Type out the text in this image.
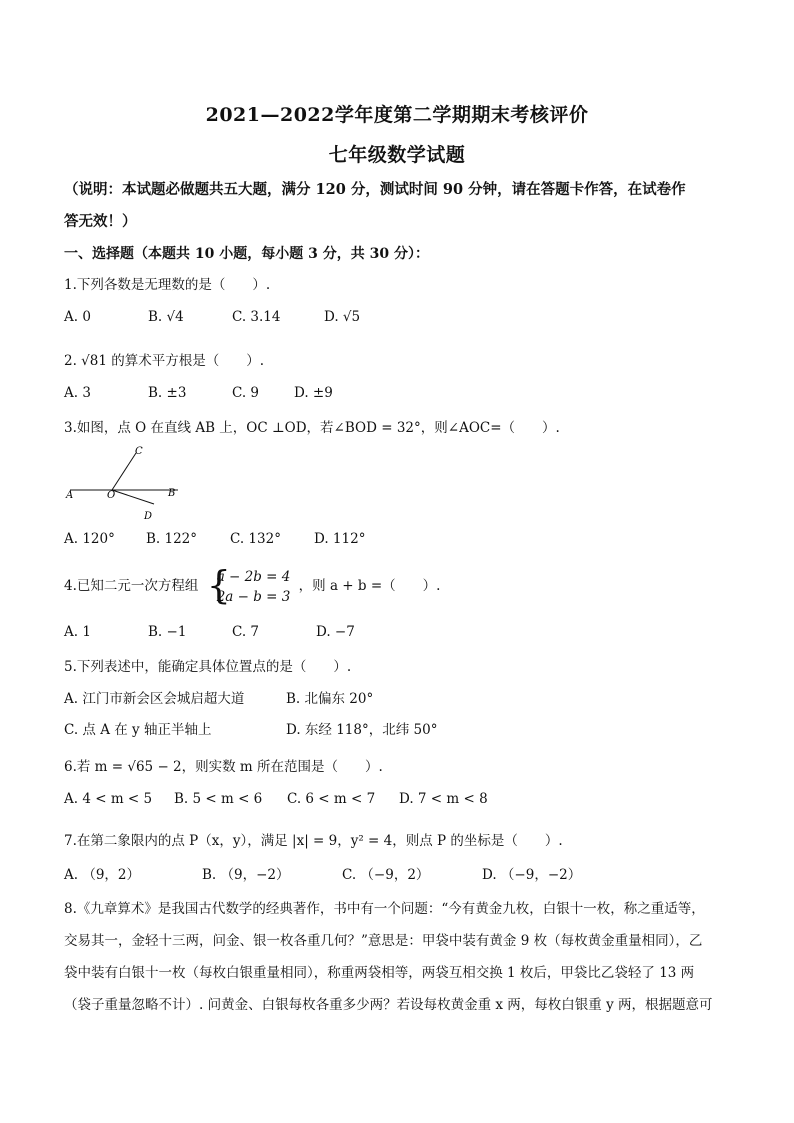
2021—2022学年度第二学期期末考核评价
七年级数学试题
（说明：本试题必做题共五大题，满分 120 分，测试时间 90 分钟，请在答题卡作答，在试卷作
答无效！）
一、选择题（本题共 10 小题，每小题 3 分，共 30 分）：
1.下列各数是无理数的是（　　）.
A. 0	B. √4	C. 3.14	D. √5
2. √81 的算术平方根是（　　）.
A. 3	B. ±3	C. 9	D. ±9
3.如图，点 O 在直线 AB 上，OC ⊥OD，若∠BOD = 32°，则∠AOC=（　　）.
A	B
C
D
O
A. 120° B. 122° C. 132° D. 112°
4.已知二元一次方程组 {
a − 2b = 4
2a − b = 3
，则 a + b =（　　）.
A. 1	B. −1	C. 7	D. −7
5.下列表述中，能确定具体位置点的是（　　）.
A. 江门市新会区会城启超大道	B. 北偏东 20°
C. 点 A 在 y 轴正半轴上	D. 东经 118°，北纬 50°
6.若 m = √65 − 2，则实数 m 所在范围是（　　）.
A. 4 < m < 5 B. 5 < m < 6 C. 6 < m < 7 D. 7 < m < 8
7.在第二象限内的点 P（x，y），满足 |x| = 9，y² = 4，则点 P 的坐标是（　　）.
A. （9，2）	B. （9，−2）	C. （−9，2）	D. （−9，−2）
8.《九章算术》是我国古代数学的经典著作，书中有一个问题：“今有黄金九枚，白银十一枚，称之重适等，
交易其一，金轻十三两，问金、银一枚各重几何？”意思是：甲袋中装有黄金 9 枚（每枚黄金重量相同），乙
袋中装有白银十一枚（每枚白银重量相同），称重两袋相等，两袋互相交换 1 枚后，甲袋比乙袋轻了 13 两
（袋子重量忽略不计）. 问黄金、白银每枚各重多少两？若设每枚黄金重 x 两，每枚白银重 y 两，根据题意可
